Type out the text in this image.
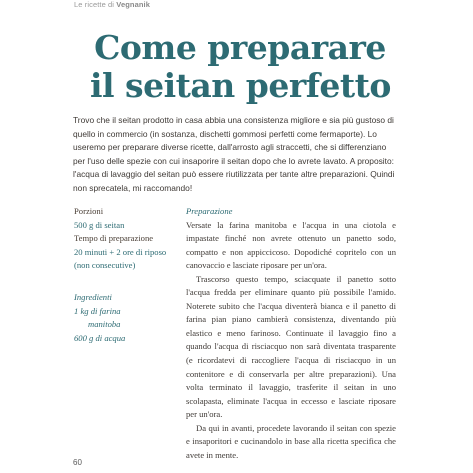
Le ricette di Vegnanik
Come preparare
il seitan perfetto
Trovo che il seitan prodotto in casa abbia una consistenza migliore e sia più gustoso di quello in commercio (in sostanza, dischetti gommosi perfetti come fermaporte). Lo useremo per preparare diverse ricette, dall'arrosto agli straccetti, che si differenziano per l'uso delle spezie con cui insaporire il seitan dopo che lo avrete lavato. A proposito: l'acqua di lavaggio del seitan può essere riutilizzata per tante altre preparazioni. Quindi non sprecatela, mi raccomando!
Porzioni
500 g di seitan
Tempo di preparazione
20 minuti + 2 ore di riposo (non consecutive)
Ingredienti
1 kg di farina
manitoba
600 g di acqua
Preparazione

Versate la farina manitoba e l'acqua in una ciotola e impastate finché non avrete ottenuto un panetto sodo, compatto e non appiccicoso. Dopodiché copritelo con un canovaccio e lasciate riposare per un'ora.

Trascorso questo tempo, sciacquate il panetto sotto l'acqua fredda per eliminare quanto più possibile l'amido. Noterete subito che l'acqua diventerà bianca e il panetto di farina pian piano cambierà consistenza, diventando più elastico e meno farinoso. Continuate il lavaggio fino a quando l'acqua di risciacquo non sarà diventata trasparente (e ricordatevi di raccogliere l'acqua di risciacquo in un contenitore e di conservarla per altre preparazioni). Una volta terminato il lavaggio, trasferite il seitan in uno scolapasta, eliminate l'acqua in eccesso e lasciate riposare per un'ora.

Da qui in avanti, procedete lavorando il seitan con spezie e insaporitori e cucinandolo in base alla ricetta specifica che avete in mente.

60
